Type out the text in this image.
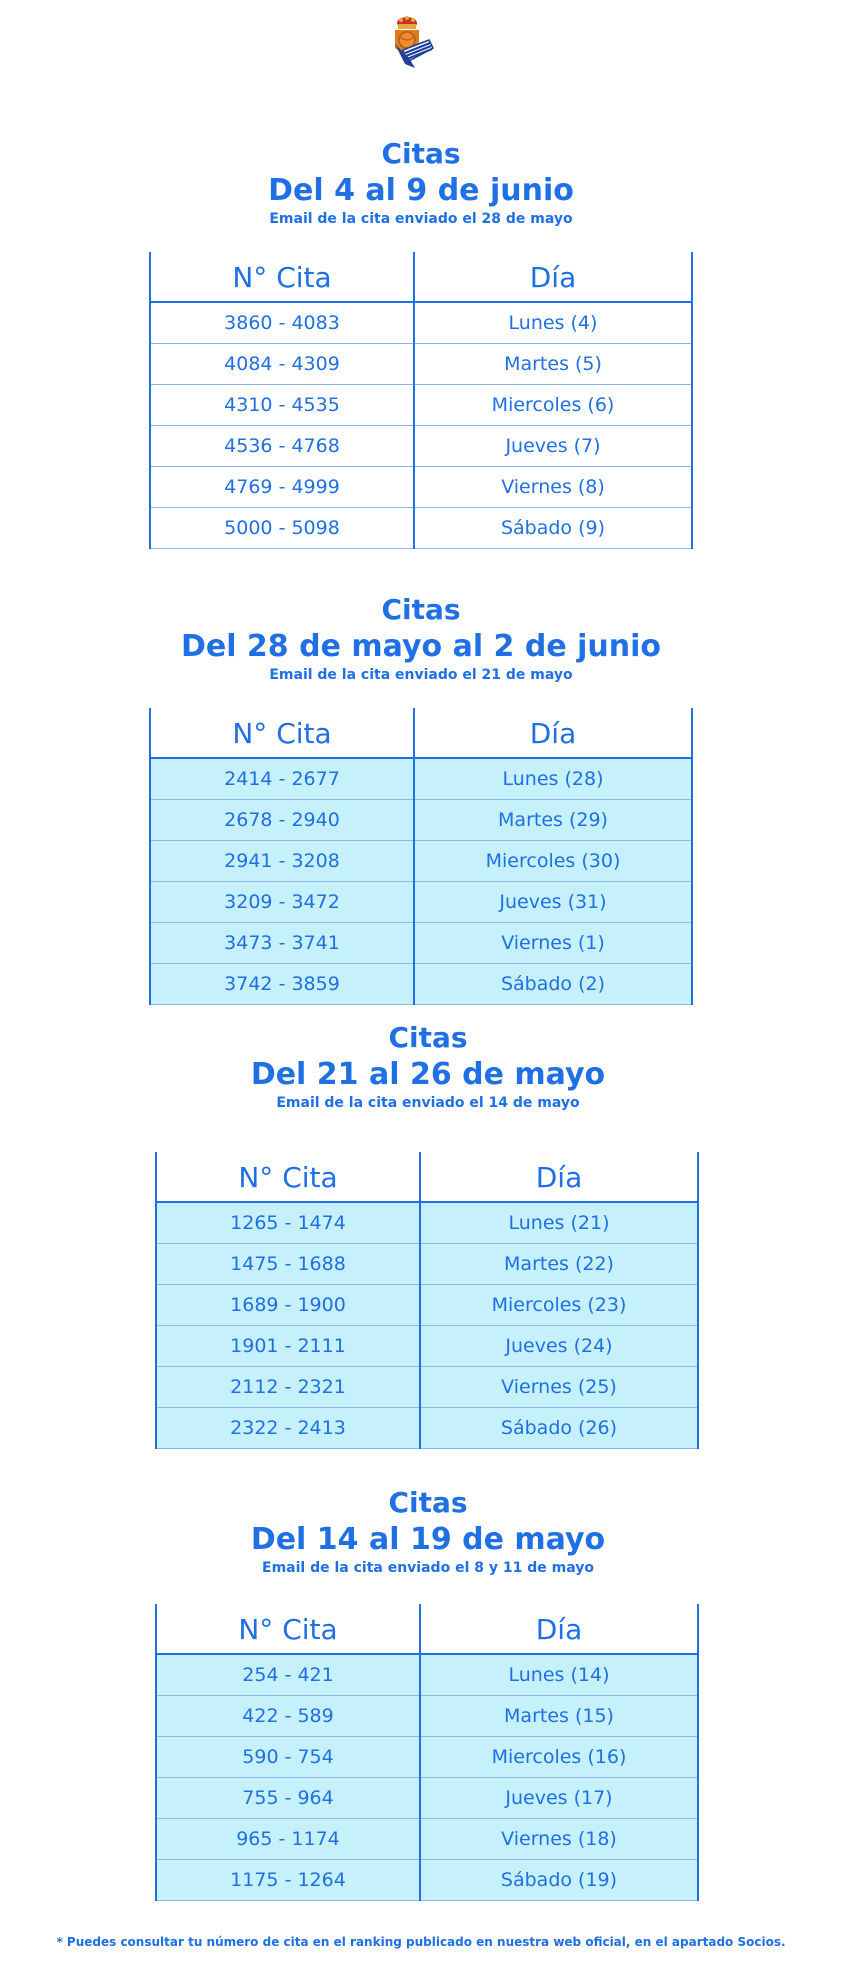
Citas
Del 4 al 9 de junio
Email de la cita enviado el 28 de mayo
N° Cita	Día
3860 - 4083	Lunes (4)
4084 - 4309	Martes (5)
4310 - 4535	Miercoles (6)
4536 - 4768	Jueves (7)
4769 - 4999	Viernes (8)
5000 - 5098	Sábado (9)
Citas
Del 28 de mayo al 2 de junio
Email de la cita enviado el 21 de mayo
N° Cita	Día
2414 - 2677	Lunes (28)
2678 - 2940	Martes (29)
2941 - 3208	Miercoles (30)
3209 - 3472	Jueves (31)
3473 - 3741	Viernes (1)
3742 - 3859	Sábado (2)
Citas
Del 21 al 26 de mayo
Email de la cita enviado el 14 de mayo
N° Cita	Día
1265 - 1474	Lunes (21)
1475 - 1688	Martes (22)
1689 - 1900	Miercoles (23)
1901 - 2111	Jueves (24)
2112 - 2321	Viernes (25)
2322 - 2413	Sábado (26)
Citas
Del 14 al 19 de mayo
Email de la cita enviado el 8 y 11 de mayo
N° Cita	Día
254 - 421	Lunes (14)
422 - 589	Martes (15)
590 - 754	Miercoles (16)
755 - 964	Jueves (17)
965 - 1174	Viernes (18)
1175 - 1264	Sábado (19)
* Puedes consultar tu número de cita en el ranking publicado en nuestra web oficial, en el apartado Socios.
